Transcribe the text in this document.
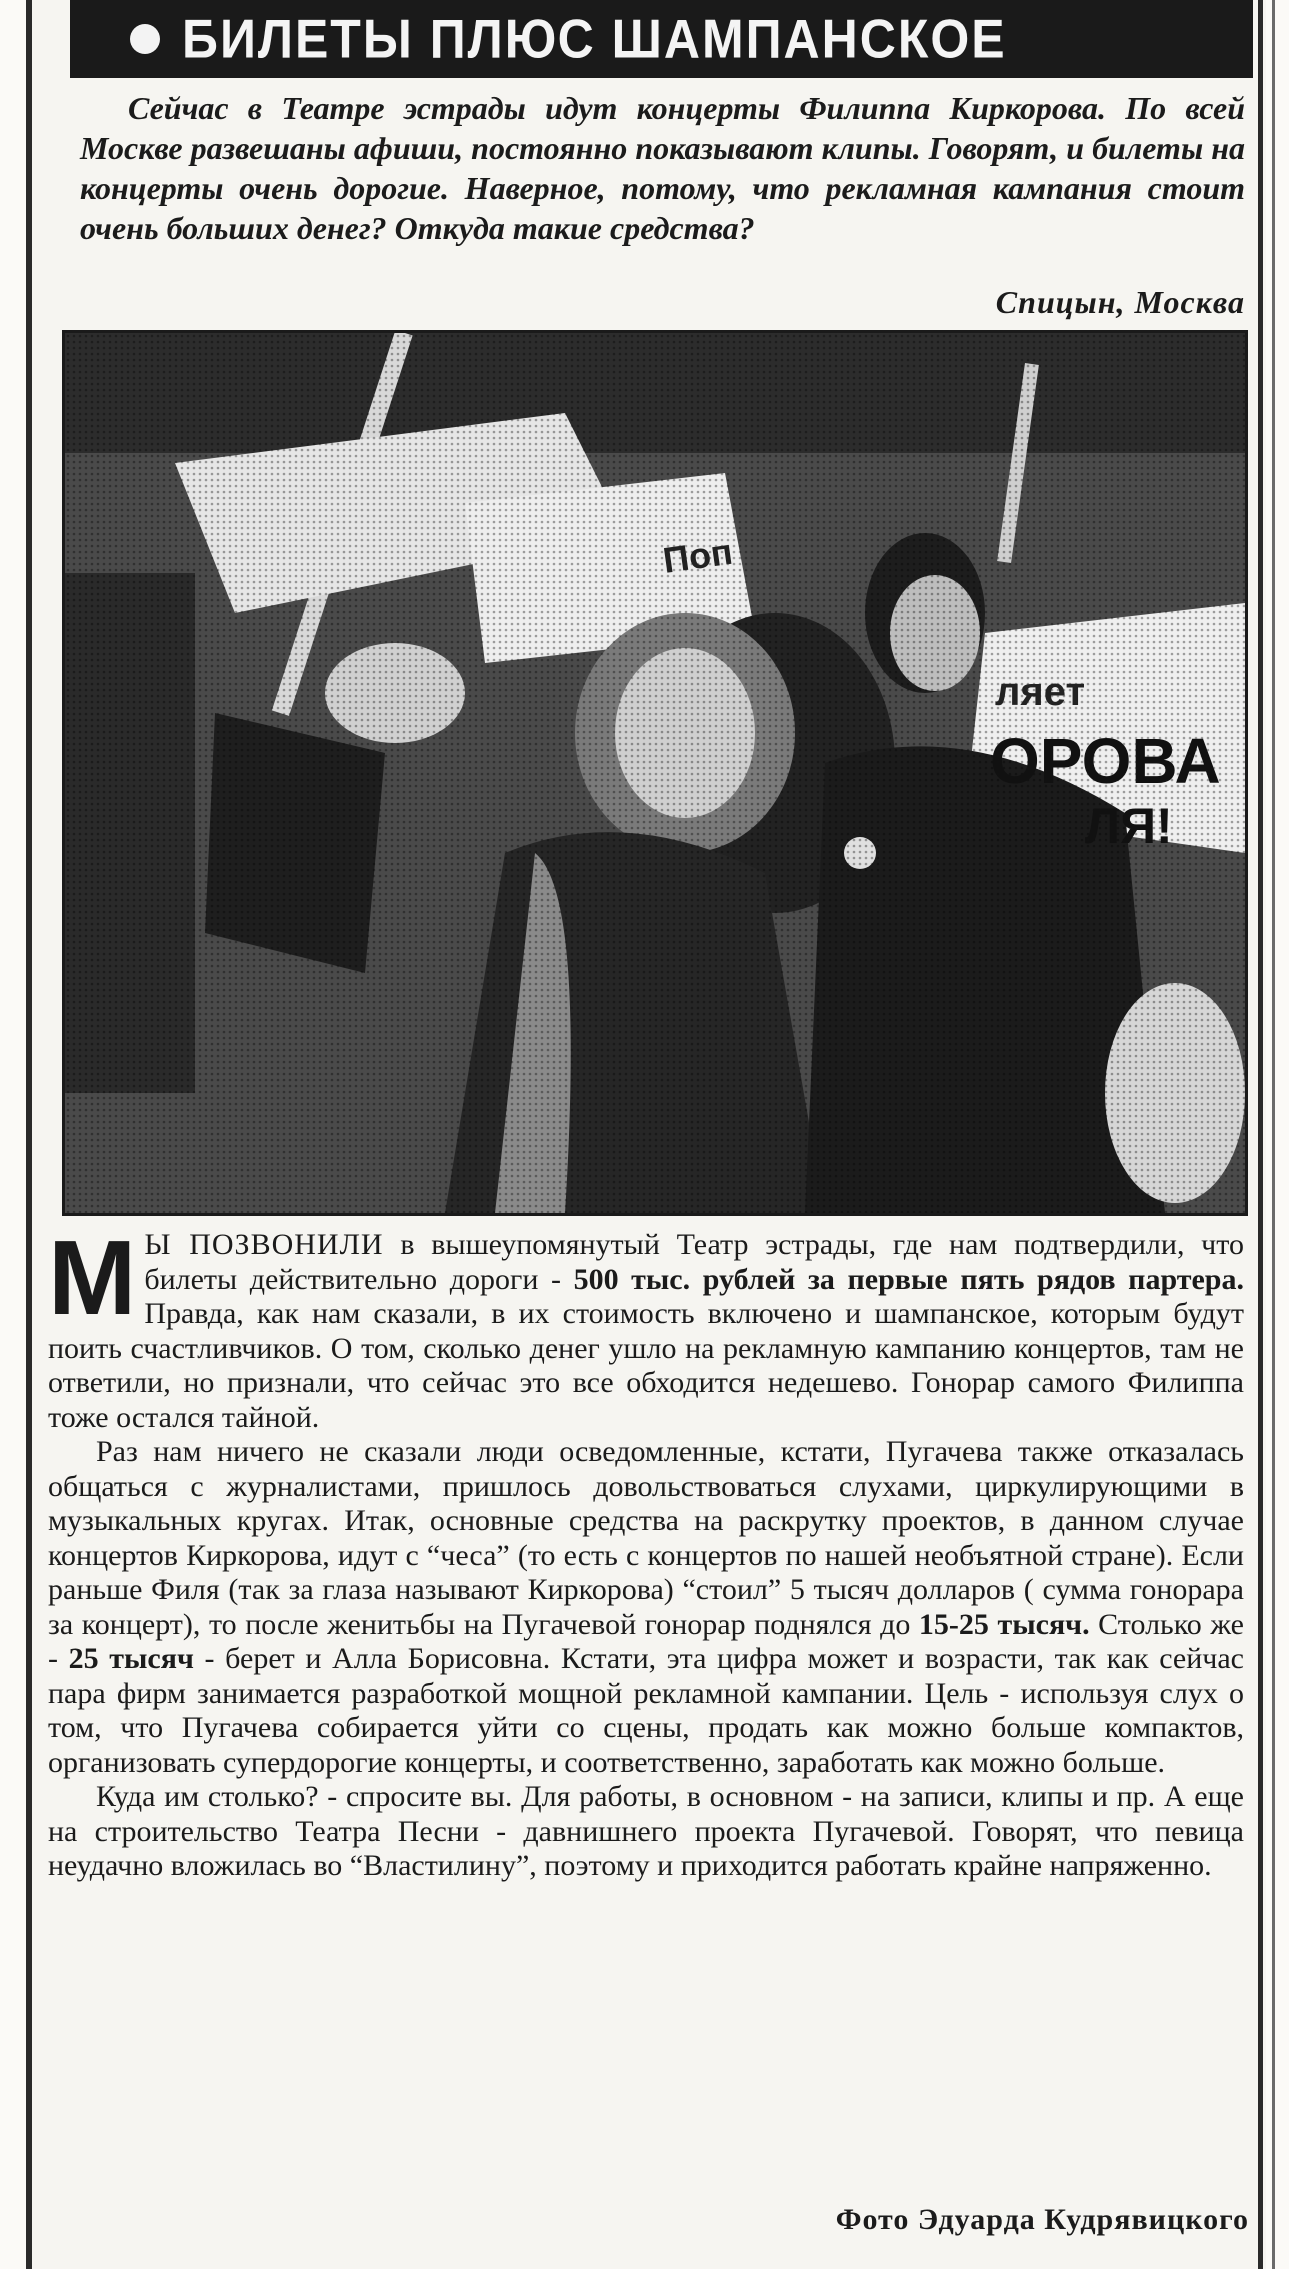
БИЛЕТЫ ПЛЮС ШАМПАНСКОЕ

Сейчас в Театре эстрады идут концерты Филиппа Киркорова. По всей Москве развешаны афиши, постоянно показывают клипы. Говорят, и билеты на концерты очень дорогие. Наверное, потому, что рекламная кампания стоит очень больших денег? Откуда такие средства?

Спицын, Москва
ляет
ОРОВА
ЛЯ!
Поп

М Ы ПОЗВОНИЛИ в вышеупомянутый Театр эстрады, где нам подтвердили, что билеты действительно дороги - 500 тыс. рублей за первые пять рядов партера. Правда, как нам сказали, в их стоимость включено и шампанское, которым будут поить счастливчиков. О том, сколько денег ушло на рекламную кампанию концертов, там не ответили, но признали, что сейчас это все обходится недешево. Гонорар самого Филиппа тоже остался тайной.

Раз нам ничего не сказали люди осведомленные, кстати, Пугачева также отказалась общаться с журналистами, пришлось довольствоваться слухами, циркулирующими в музыкальных кругах. Итак, основные средства на раскрутку проектов, в данном случае концертов Киркорова, идут с “чеса” (то есть с концертов по нашей необъятной стране). Если раньше Филя (так за глаза называют Киркорова) “стоил” 5 тысяч долларов ( сумма гонорара за концерт), то после женитьбы на Пугачевой гонорар поднялся до 15-25 тысяч. Столько же - 25 тысяч - берет и Алла Борисовна. Кстати, эта цифра может и возрасти, так как сейчас пара фирм занимается разработкой мощной рекламной кампании. Цель - используя слух о том, что Пугачева собирается уйти со сцены, продать как можно больше компактов, организовать супердорогие концерты, и соответственно, заработать как можно больше.

Куда им столько? - спросите вы. Для работы, в основном - на записи, клипы и пр. А еще на строительство Театра Песни - давнишнего проекта Пугачевой. Говорят, что певица неудачно вложилась во “Властилину”, поэтому и приходится работать крайне напряженно.

Фото Эдуарда Кудрявицкого
